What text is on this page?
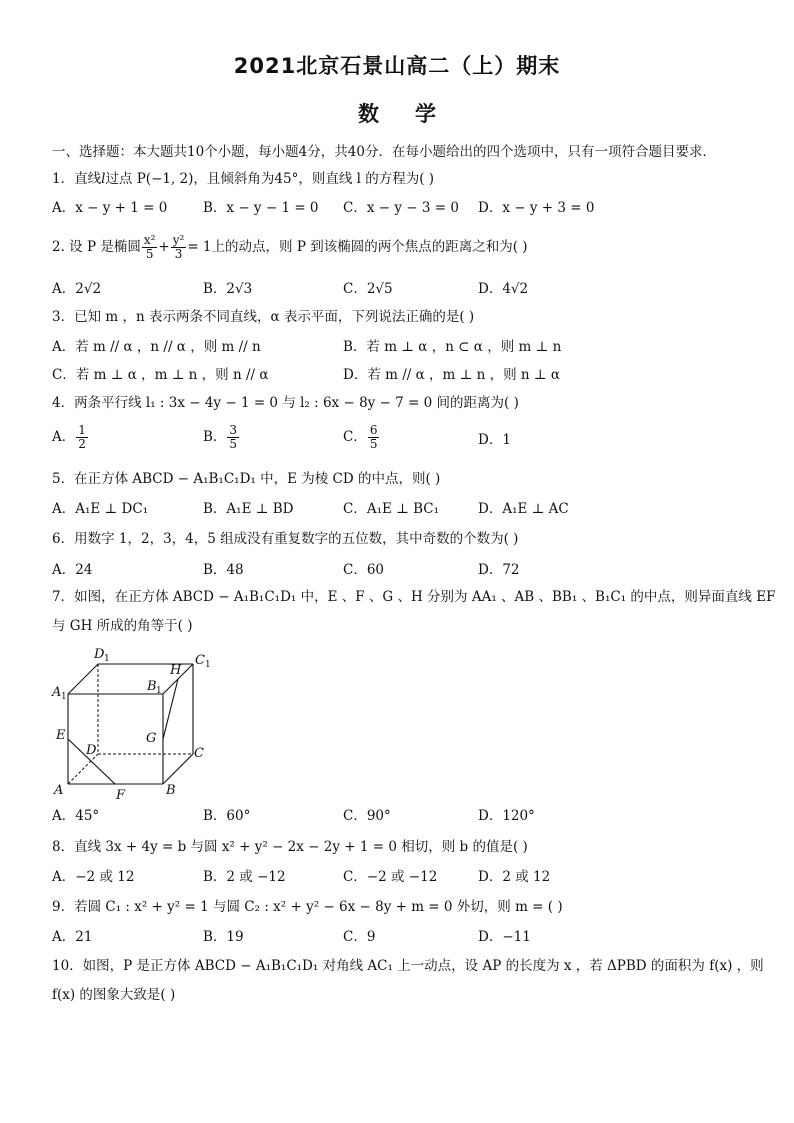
2021北京石景山高二（上）期末
数学
一、选择题：本大题共10个小题，每小题4分，共40分．在每小题给出的四个选项中，只有一项符合题目要求．
1．直线l过点 P(−1, 2)，且倾斜角为45°，则直线 l 的方程为( )
A．x − y + 1 = 0	B．x − y − 1 = 0 C．x − y − 3 = 0 D．x − y + 3 = 0
2. 设 P 是椭圆 $\frac{\text{x²}}{5} + \frac{\text{y²}}{3} = 1$上的动点，则 P 到该椭圆的两个焦点的距离之和为( )
A．2√2	B．2√3	C．2√5	D．4√2
3．已知 m ，n 表示两条不同直线，α 表示平面，下列说法正确的是( )
A．若 m // α ，n // α ，则 m // n	B．若 m ⊥ α ，n ⊂ α ，则 m ⊥ n
C．若 m ⊥ α ，m ⊥ n ，则 n // α	D．若 m // α ，m ⊥ n ，则 n ⊥ α
4．两条平行线 l₁ : 3x − 4y − 1 = 0 与 l₂ : 6x − 8y − 7 = 0 间的距离为( )
A． $\frac{1}{2}$	B． $\frac{3}{5}$	C． $\frac{6}{5}$	D．1
5．在正方体 ABCD − A₁B₁C₁D₁ 中，E 为棱 CD 的中点，则( )
A．A₁E ⊥ DC₁	B．A₁E ⊥ BD	C．A₁E ⊥ BC₁	D．A₁E ⊥ AC
6．用数字 1，2，3，4，5 组成没有重复数字的五位数，其中奇数的个数为( )
A．24	B．48	C．60	D．72
7．如图，在正方体 ABCD − A₁B₁C₁D₁ 中，E 、F 、G 、H 分别为 AA₁ 、AB 、BB₁ 、B₁C₁ 的中点，则异面直线 EF
与 GH 所成的角等于( )
D 1	C 1
A 1
B 1
H
E
D
G
C
A	F	B
A．45°	B．60°	C．90°	D．120°
8．直线 3x + 4y = b 与圆 x² + y² − 2x − 2y + 1 = 0 相切，则 b 的值是( )
A．−2 或 12	B．2 或 −12	C．−2 或 −12	D．2 或 12
9．若圆 C₁ : x² + y² = 1 与圆 C₂ : x² + y² − 6x − 8y + m = 0 外切，则 m = ( )
A．21	B．19	C．9	D．−11
10．如图，P 是正方体 ABCD − A₁B₁C₁D₁ 对角线 AC₁ 上一动点，设 AP 的长度为 x ，若 ΔPBD 的面积为 f(x) ，则
f(x) 的图象大致是( )
